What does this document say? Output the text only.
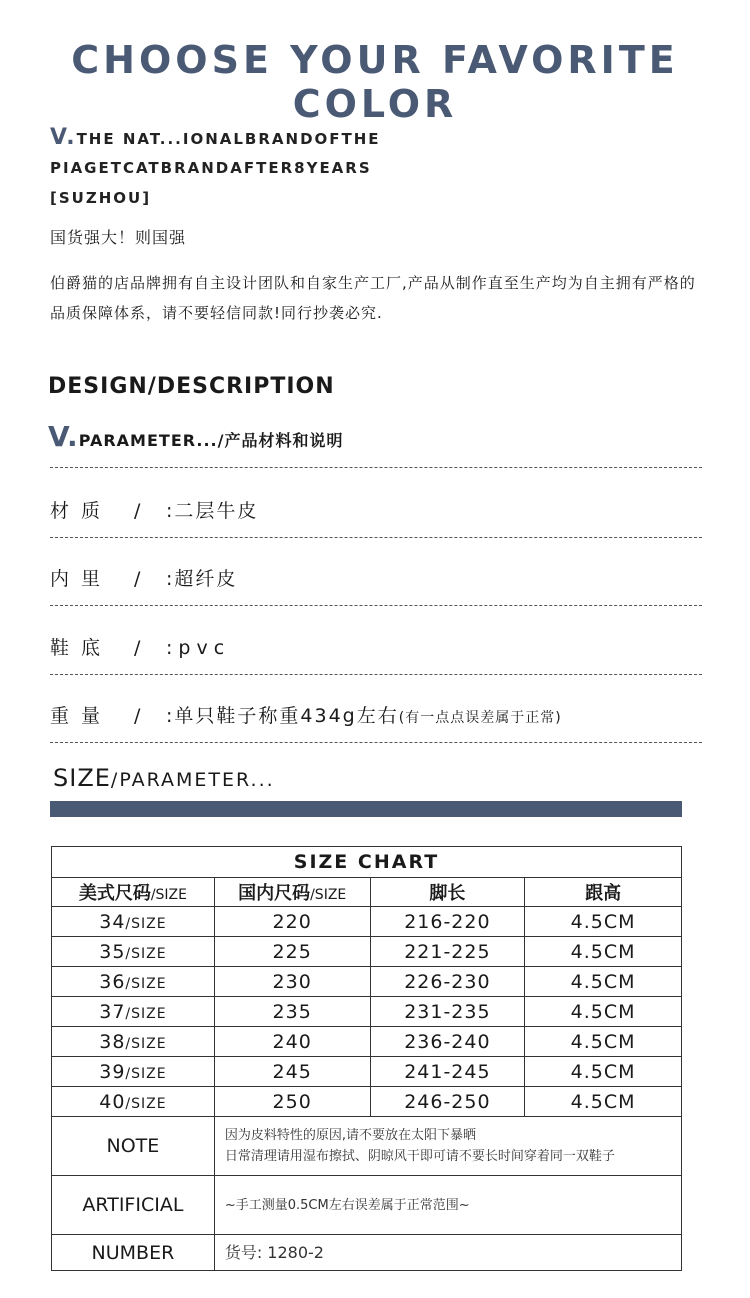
CHOOSE YOUR FAVORITE COLOR
V.THE NAT...IONALBRANDOFTHE
PIAGETCATBRANDAFTER8YEARS
[SUZHOU]
国货强大！则国强
伯爵猫的店品牌拥有自主设计团队和自家生产工厂,产品从制作直至生产均为自主拥有严格的品质保障体系，请不要轻信同款!同行抄袭必究.
DESIGN/DESCRIPTION
V.PARAMETER.../产品材料和说明
材质 / :二层牛皮
内里 / :超纤皮
鞋底 / :pvc
重量 / :单只鞋子称重434g左右(有一点点误差属于正常)
SIZE/PARAMETER...
SIZE CHART			
美式尺码/SIZE	国内尺码/SIZE	脚长	跟高
34/SIZE	220	216-220	4.5CM
35/SIZE	225	221-225	4.5CM
36/SIZE	230	226-230	4.5CM
37/SIZE	235	231-235	4.5CM
38/SIZE	240	236-240	4.5CM
39/SIZE	245	241-245	4.5CM
40/SIZE	250	246-250	4.5CM
NOTE	因为皮料特性的原因,请不要放在太阳下暴晒
日常清理请用湿布擦拭、阴晾风干即可请不要长时间穿着同一双鞋子		

ARTIFICIAL	~手工测量0.5CM左右误差属于正常范围~		
NUMBER	货号: 1280-2		
